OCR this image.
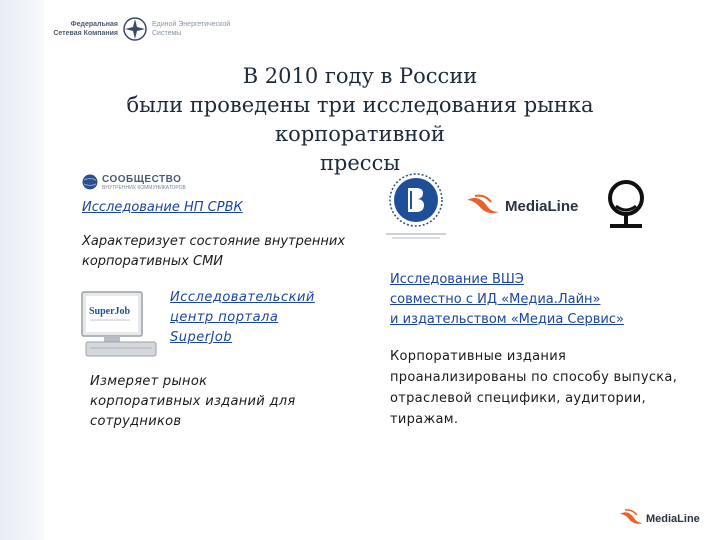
Федеральная Сетевая Компания
Единой Энергетической Системы
В 2010 году в России
были проведены три исследования рынка корпоративной
прессы
СООБЩЕСТВО
ВНУТРЕННИХ КОММУНИКАТОРОВ
Исследование НП СРВК
Характеризует состояние внутренних корпоративных СМИ
SuperJob
Исследовательский
центр портала
SuperJob
Измеряет рынок корпоративных изданий для сотрудников
MediaLine
Исследование ВШЭ
совместно с ИД «Медиа.Лайн»
и издательством «Медиа Сервис»
Корпоративные издания проанализированы по способу выпуска, отраслевой специфики, аудитории, тиражам.
MediaLine
